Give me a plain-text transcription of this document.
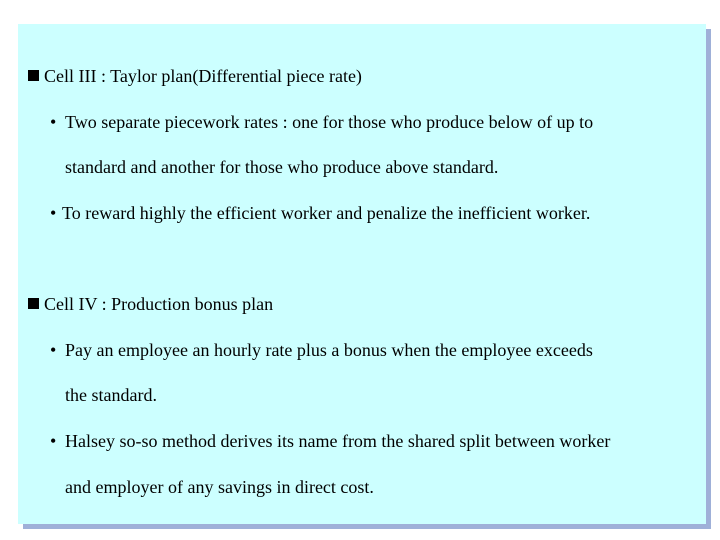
Cell III : Taylor plan(Differential piece rate)
• Two separate piecework rates : one for those who produce below of up to
standard and another for those who produce above standard.
• To reward highly the efficient worker and penalize the inefficient worker.
Cell IV : Production bonus plan
• Pay an employee an hourly rate plus a bonus when the employee exceeds
the standard.
• Halsey so-so method derives its name from the shared split between worker
and employer of any savings in direct cost.
